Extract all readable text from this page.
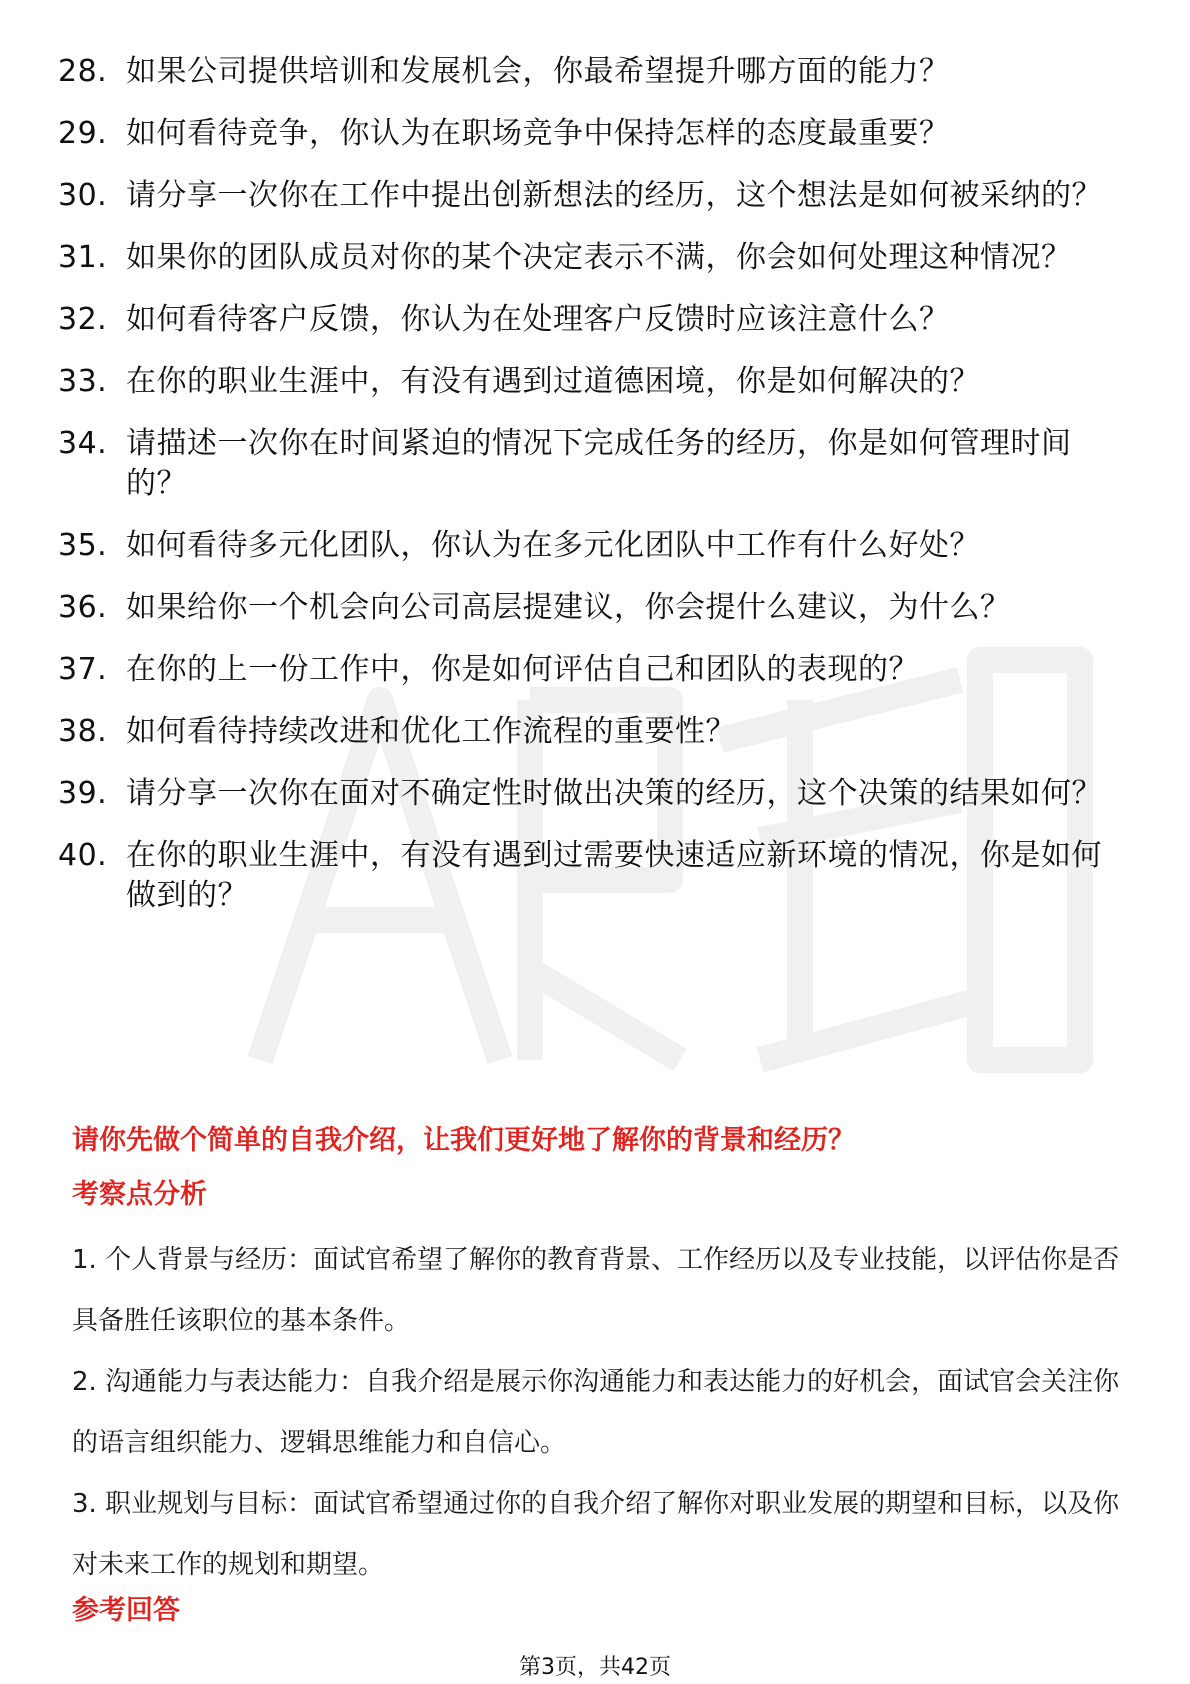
28. 如果公司提供培训和发展机会，你最希望提升哪方面的能力？
29. 如何看待竞争，你认为在职场竞争中保持怎样的态度最重要？
30. 请分享一次你在工作中提出创新想法的经历，这个想法是如何被采纳的？
31. 如果你的团队成员对你的某个决定表示不满，你会如何处理这种情况？
32. 如何看待客户反馈，你认为在处理客户反馈时应该注意什么？
33. 在你的职业生涯中，有没有遇到过道德困境，你是如何解决的？
34. 请描述一次你在时间紧迫的情况下完成任务的经历，你是如何管理时间的？
35. 如何看待多元化团队，你认为在多元化团队中工作有什么好处？
36. 如果给你一个机会向公司高层提建议，你会提什么建议，为什么？
37. 在你的上一份工作中，你是如何评估自己和团队的表现的？
38. 如何看待持续改进和优化工作流程的重要性？
39. 请分享一次你在面对不确定性时做出决策的经历，这个决策的结果如何？
40. 在你的职业生涯中，有没有遇到过需要快速适应新环境的情况，你是如何做到的？
请你先做个简单的自我介绍，让我们更好地了解你的背景和经历？
考察点分析

1. 个人背景与经历：面试官希望了解你的教育背景、工作经历以及专业技能，以评估你是否具备胜任该职位的基本条件。

2. 沟通能力与表达能力：自我介绍是展示你沟通能力和表达能力的好机会，面试官会关注你的语言组织能力、逻辑思维能力和自信心。

3. 职业规划与目标：面试官希望通过你的自我介绍了解你对职业发展的期望和目标，以及你对未来工作的规划和期望。

参考回答
第3页，共42页
